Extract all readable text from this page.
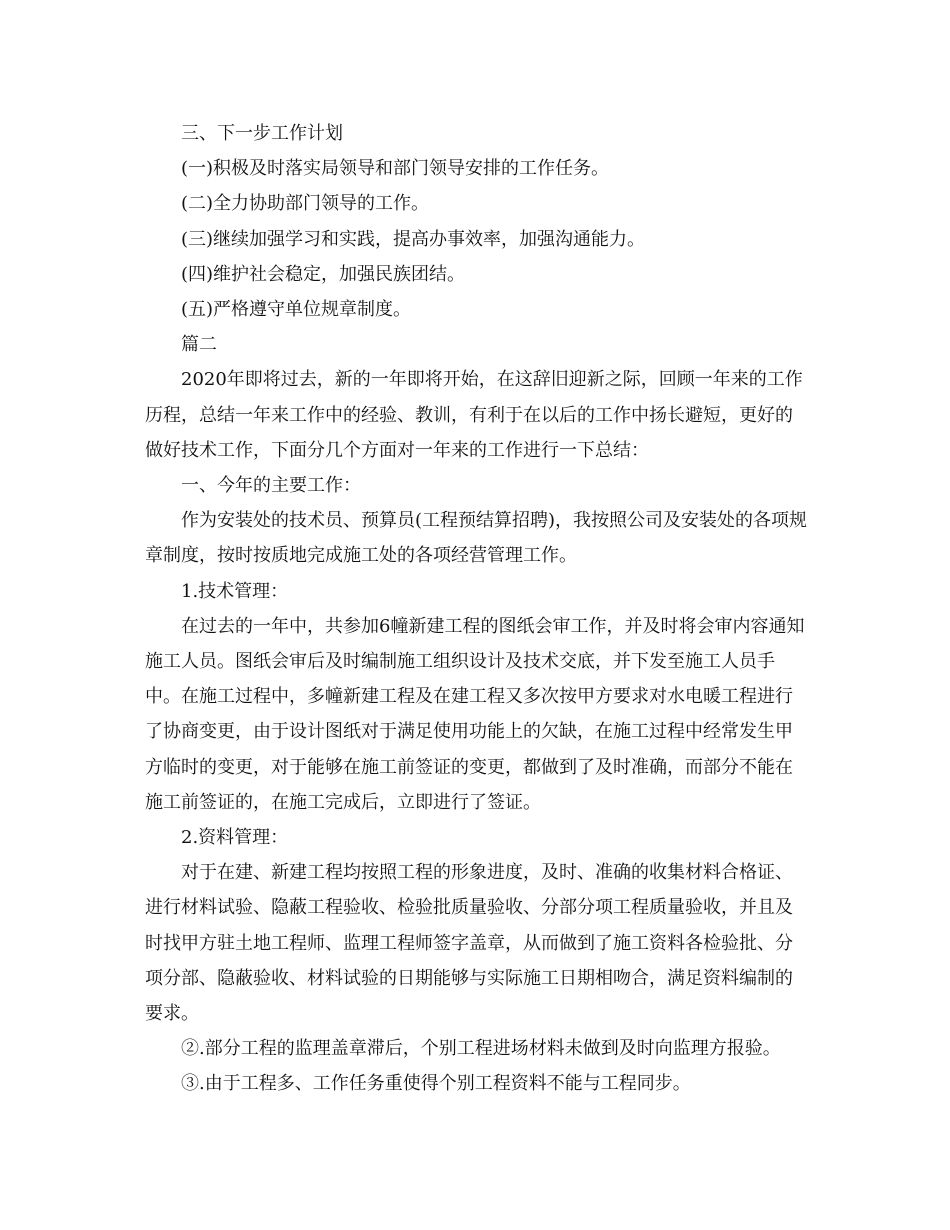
三、下一步工作计划

(一)积极及时落实局领导和部门领导安排的工作任务。

(二)全力协助部门领导的工作。

(三)继续加强学习和实践，提高办事效率，加强沟通能力。

(四)维护社会稳定，加强民族团结。

(五)严格遵守单位规章制度。

篇二

2020年即将过去，新的一年即将开始，在这辞旧迎新之际，回顾一年来的工作历程，总结一年来工作中的经验、教训，有利于在以后的工作中扬长避短，更好的做好技术工作，下面分几个方面对一年来的工作进行一下总结：

一、今年的主要工作：

作为安装处的技术员、预算员(工程预结算招聘)，我按照公司及安装处的各项规章制度，按时按质地完成施工处的各项经营管理工作。

1.技术管理：

在过去的一年中，共参加6幢新建工程的图纸会审工作，并及时将会审内容通知施工人员。图纸会审后及时编制施工组织设计及技术交底，并下发至施工人员手中。在施工过程中，多幢新建工程及在建工程又多次按甲方要求对水电暖工程进行了协商变更，由于设计图纸对于满足使用功能上的欠缺，在施工过程中经常发生甲方临时的变更，对于能够在施工前签证的变更，都做到了及时准确，而部分不能在施工前签证的，在施工完成后，立即进行了签证。

2.资料管理：

对于在建、新建工程均按照工程的形象进度，及时、准确的收集材料合格证、进行材料试验、隐蔽工程验收、检验批质量验收、分部分项工程质量验收，并且及时找甲方驻土地工程师、监理工程师签字盖章，从而做到了施工资料各检验批、分项分部、隐蔽验收、材料试验的日期能够与实际施工日期相吻合，满足资料编制的要求。

②.部分工程的监理盖章滞后，个别工程进场材料未做到及时向监理方报验。

③.由于工程多、工作任务重使得个别工程资料不能与工程同步。
